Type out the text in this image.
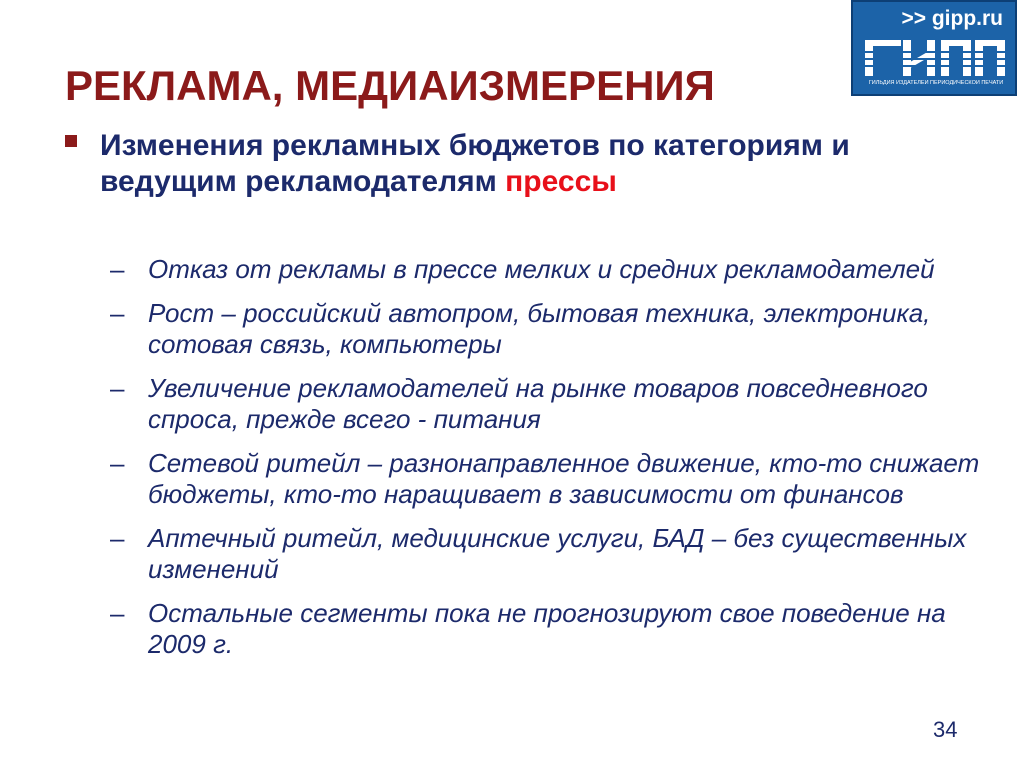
РЕКЛАМА, МЕДИАИЗМЕРЕНИЯ
>> gipp.ru
ГИЛЬДИЯ ИЗДАТЕЛЕЙ ПЕРИОДИЧЕСКОЙ ПЕЧАТИ
Изменения рекламных бюджетов по категориям и ведущим рекламодателям прессы
– Отказ от рекламы в прессе мелких и средних рекламодателей
– Рост – российский автопром, бытовая техника, электроника, сотовая связь, компьютеры
– Увеличение рекламодателей на рынке товаров повседневного спроса, прежде всего - питания
– Сетевой ритейл – разнонаправленное движение, кто-то снижает бюджеты, кто-то наращивает в зависимости от финансов
– Аптечный ритейл, медицинские услуги, БАД – без существенных изменений
– Остальные сегменты пока не прогнозируют свое поведение на 2009 г.
34
